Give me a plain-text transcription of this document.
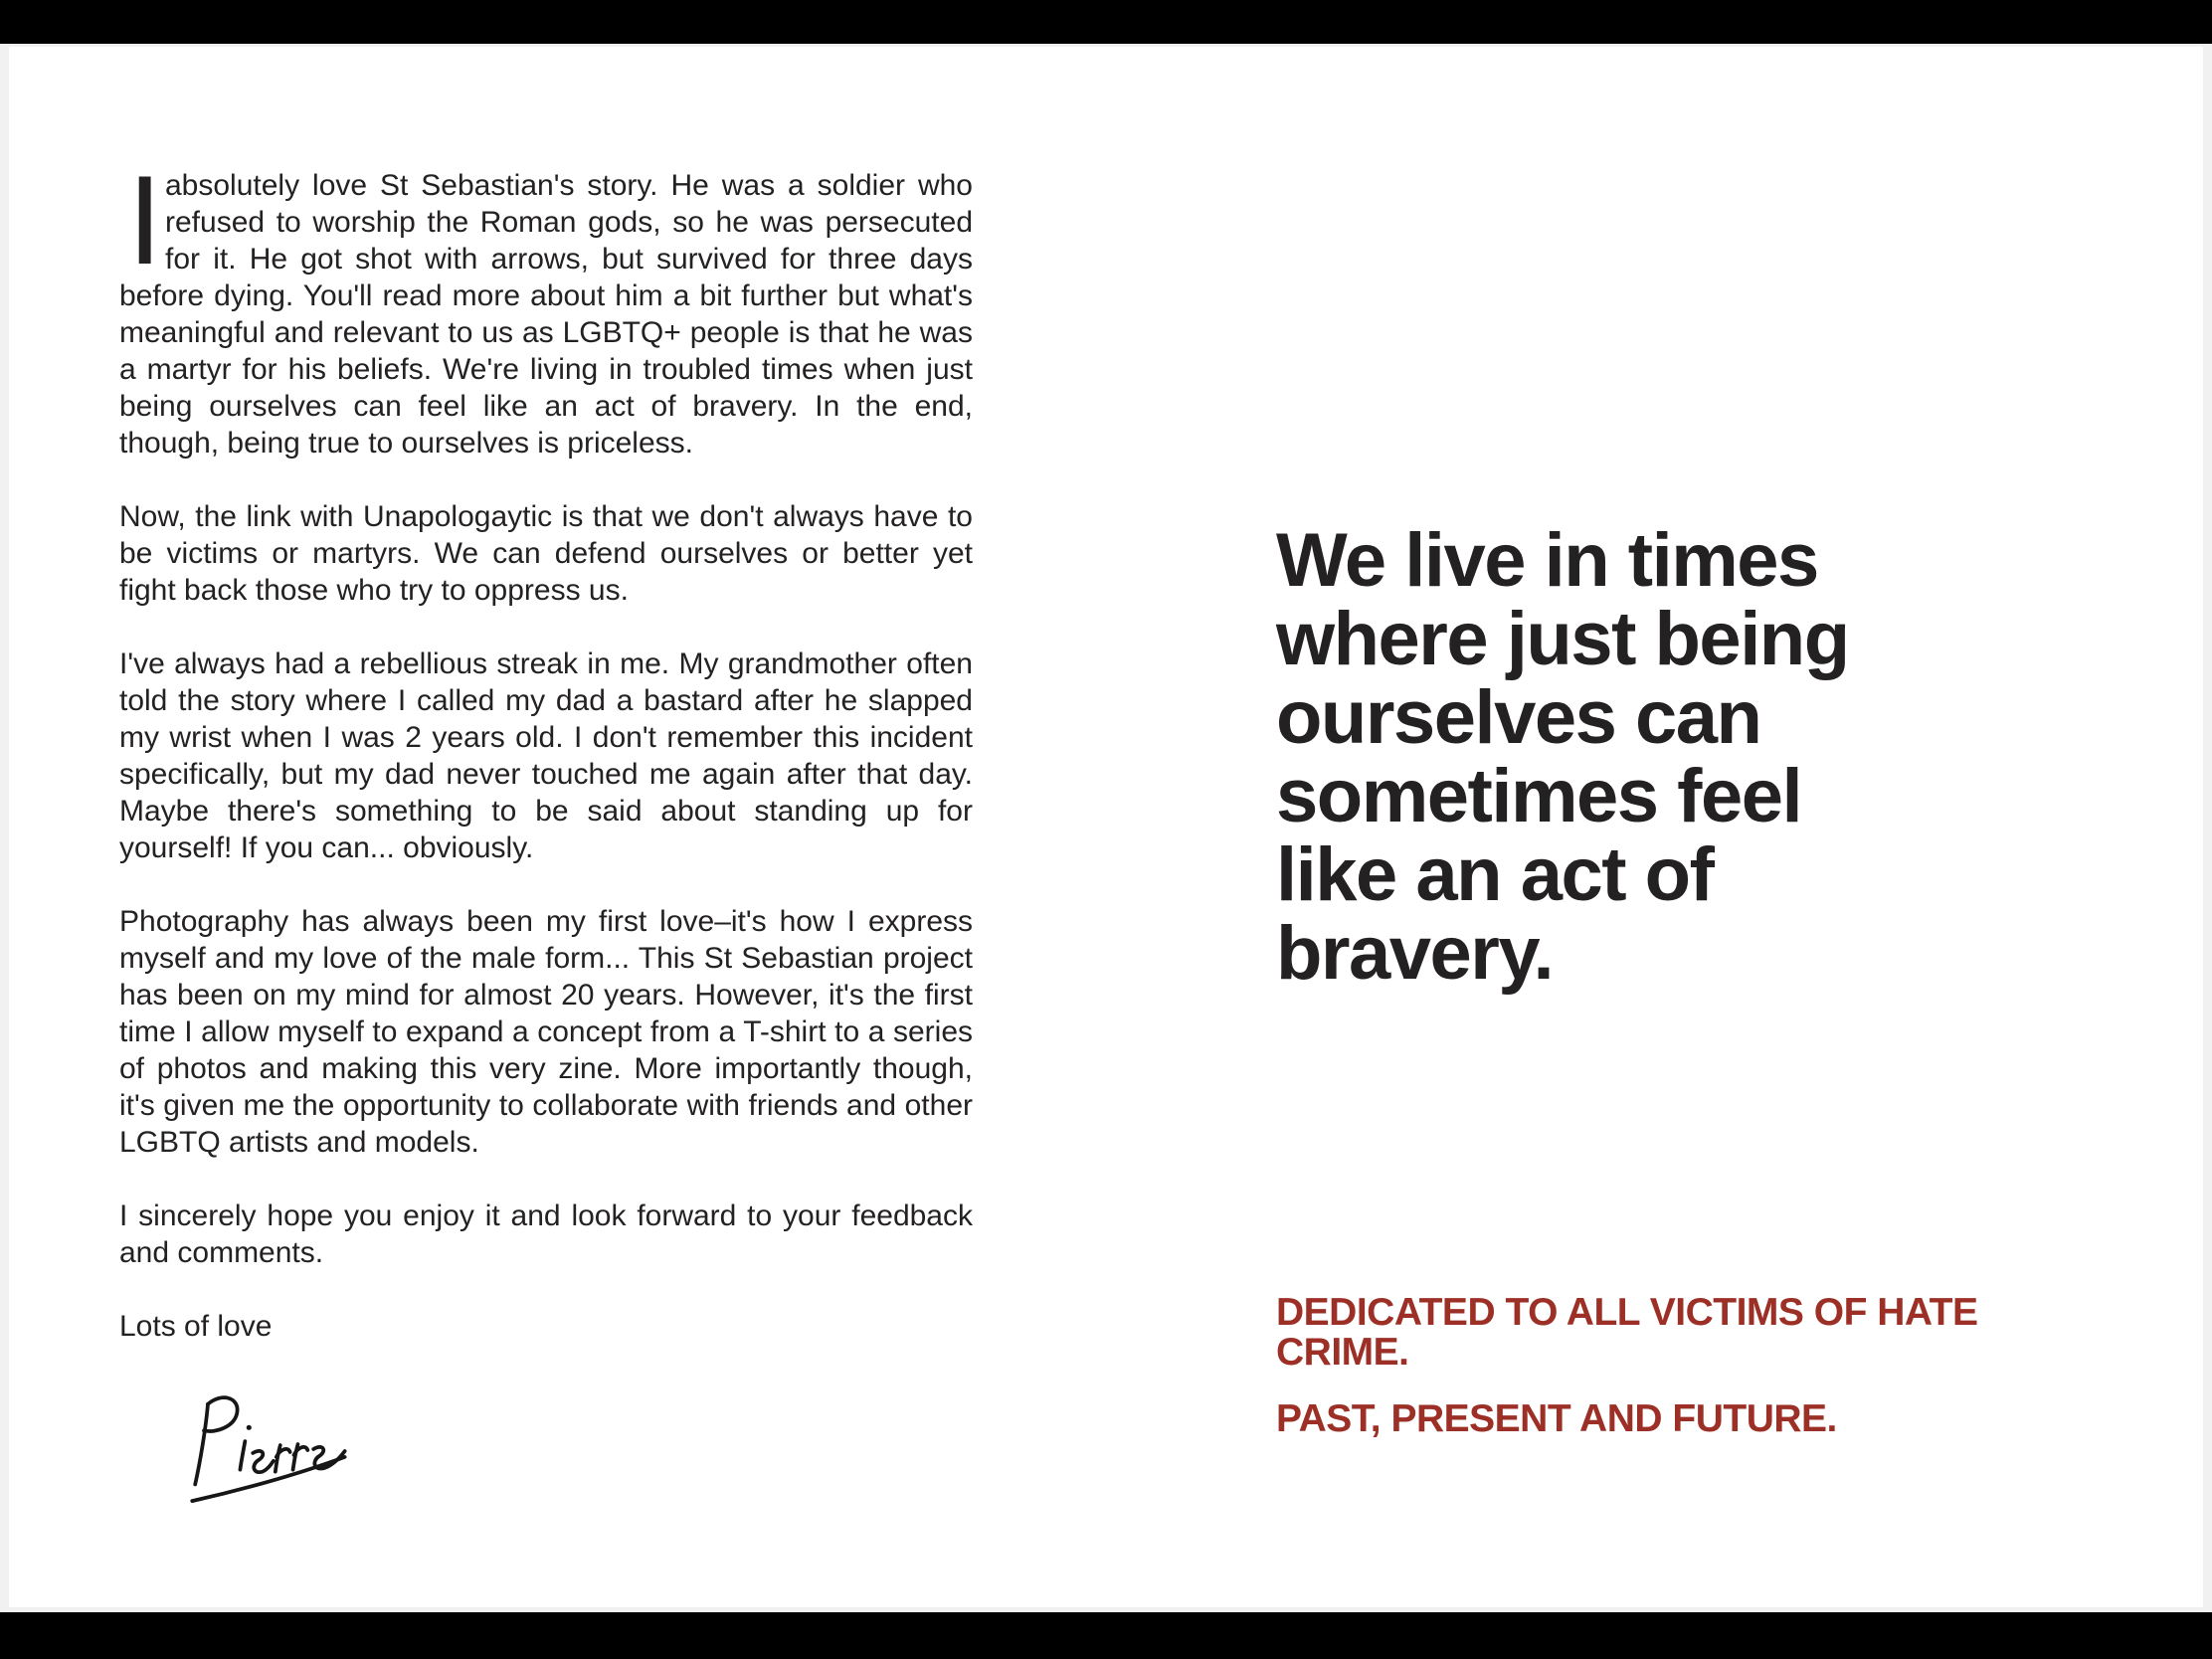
Iabsolutely love St Sebastian's story. He was a soldier who refused to worship the Roman gods, so he was persecuted for it. He got shot with arrows, but survived for three days before dying. You'll read more about him a bit further but what's meaningful and relevant to us as LGBTQ+ people is that he was a martyr for his beliefs. We're living in troubled times when just being ourselves can feel like an act of bravery. In the end, though, being true to ourselves is priceless.

Now, the link with Unapologaytic is that we don't always have to be victims or martyrs. We can defend ourselves or better yet fight back those who try to oppress us.

I've always had a rebellious streak in me. My grandmother often told the story where I called my dad a bastard after he slapped my wrist when I was 2 years old. I don't remember this incident specifically, but my dad never touched me again after that day. Maybe there's something to be said about standing up for yourself! If you can... obviously.

Photography has always been my first love–it's how I express myself and my love of the male form... This St Sebastian project has been on my mind for almost 20 years. However, it's the first time I allow myself to expand a concept from a T-shirt to a series of photos and making this very zine. More importantly though, it's given me the opportunity to collaborate with friends and other LGBTQ artists and models.

I sincerely hope you enjoy it and look forward to your feedback and comments.

Lots of love

We live in times
where just being
ourselves can
sometimes feel
like an act of
bravery.

DEDICATED TO ALL VICTIMS OF HATE CRIME.

PAST, PRESENT AND FUTURE.
